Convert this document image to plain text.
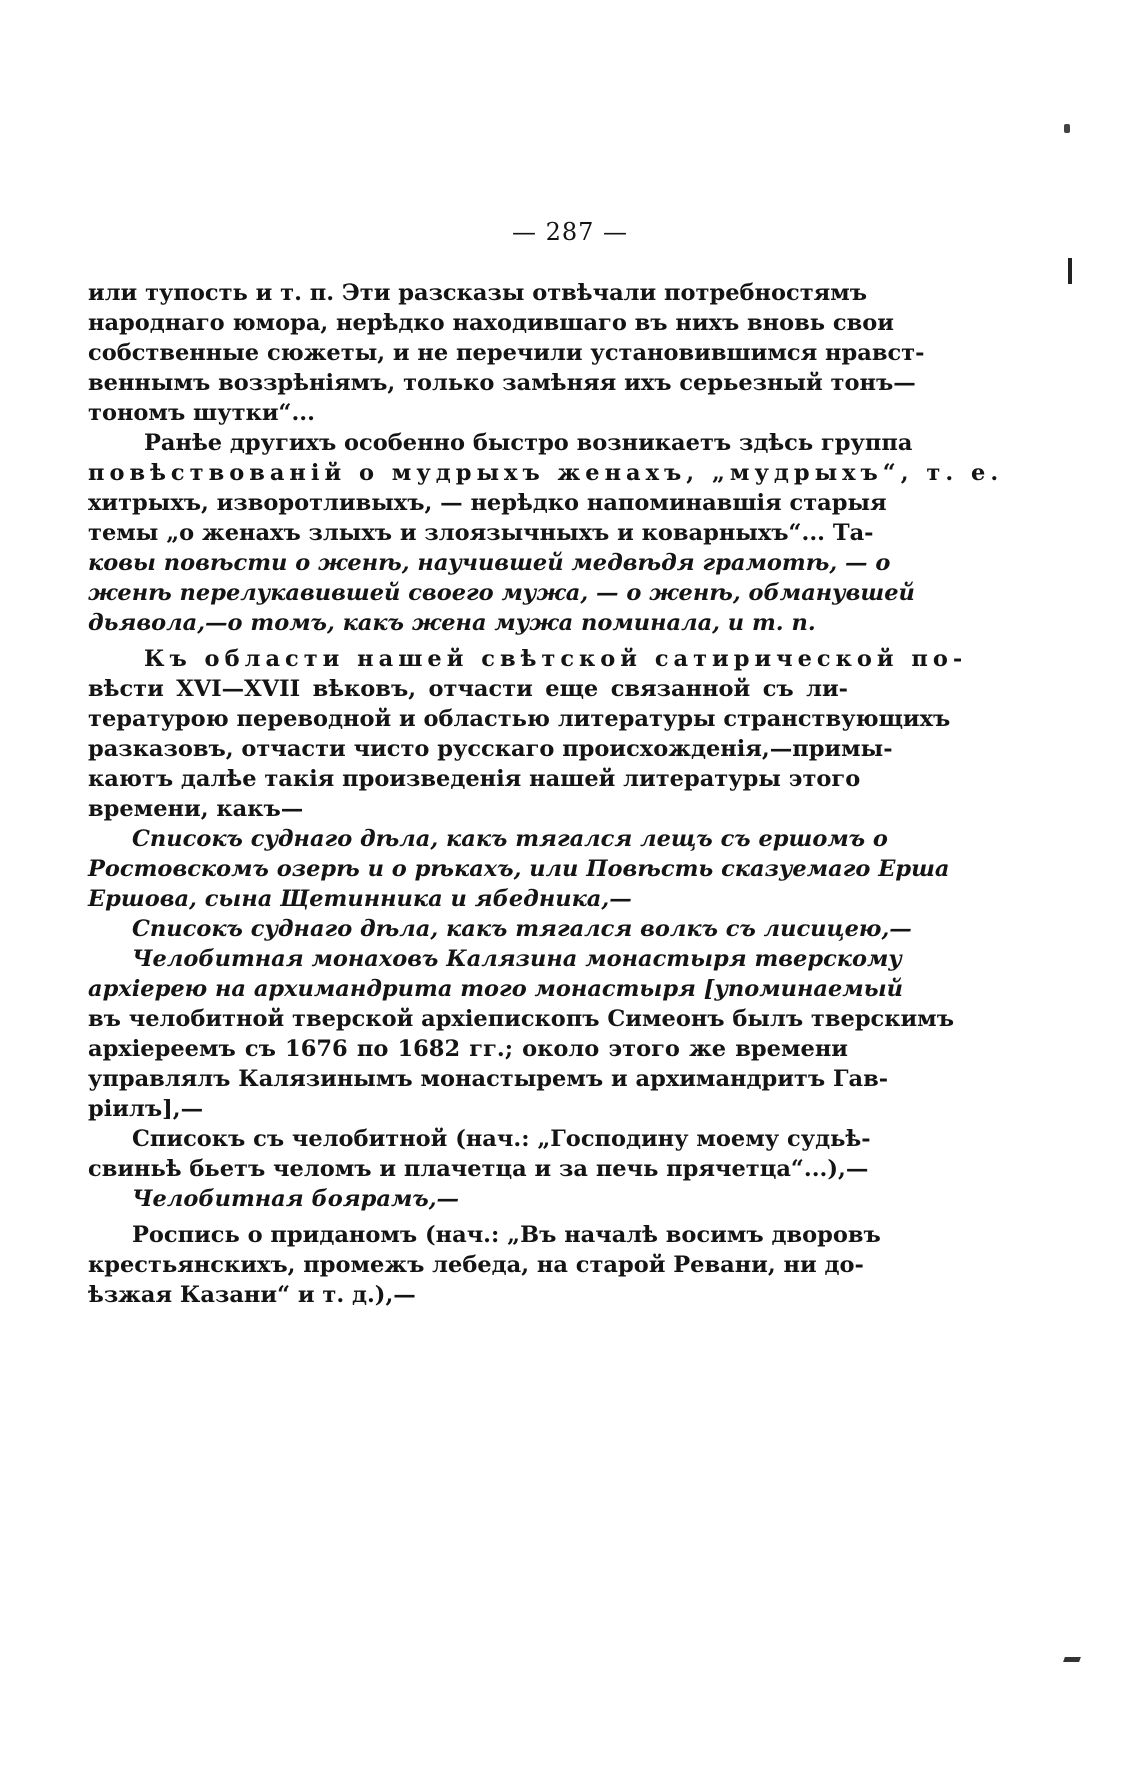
— 287 —
или тупость и т. п. Эти разсказы отвѣчали потребностямъ
народнаго юмора, нерѣдко находившаго въ нихъ вновь свои
собственные сюжеты, и не перечили установившимся нравст-
веннымъ воззрѣніямъ, только замѣняя ихъ серьезный тонъ—
тономъ шутки“...
Ранѣе другихъ особенно быстро возникаетъ здѣсь группа
повѣствованій о мудрыхъ женахъ, „мудрыхъ“, т. е.
хитрыхъ, изворотливыхъ, — нерѣдко напоминавшія старыя
темы „о женахъ злыхъ и злоязычныхъ и коварныхъ“... Та-
ковы повѣсти о женѣ, научившей медвѣдя грамотѣ, — о
женѣ перелукавившей своего мужа, — о женѣ, обманувшей
дьявола,—о томъ, какъ жена мужа поминала, и т. п.
Къ области нашей свѣтской сатирической по-
вѣсти XVI—XVII вѣковъ, отчасти еще связанной съ ли-
тературою переводной и областью литературы странствующихъ
разказовъ, отчасти чисто русскаго происхожденія,—примы-
каютъ далѣе такія произведенія нашей литературы этого
времени, какъ—
Списокъ суднаго дѣла, какъ тягался лещъ съ ершомъ о
Ростовскомъ озерѣ и о рѣкахъ, или Повѣсть сказуемаго Ерша
Ершова, сына Щетинника и ябедника,—
Списокъ суднаго дѣла, какъ тягался волкъ съ лисицею,—
Челобитная монаховъ Калязина монастыря тверскому
архіерею на архимандрита того монастыря [упоминаемый
въ челобитной тверской архіепископъ Симеонъ былъ тверскимъ
архіереемъ съ 1676 по 1682 гг.; около этого же времени
управлялъ Калязинымъ монастыремъ и архимандритъ Гав-
ріилъ],—
Списокъ съ челобитной (нач.: „Господину моему судьѣ-
свиньѣ бьетъ челомъ и плачетца и за печь прячетца“...),—
Челобитная боярамъ,—
Роспись о приданомъ (нач.: „Въ началѣ восимъ дворовъ
крестьянскихъ, промежъ лебеда, на старой Ревани, ни до-
ѣзжая Казани“ и т. д.),—
